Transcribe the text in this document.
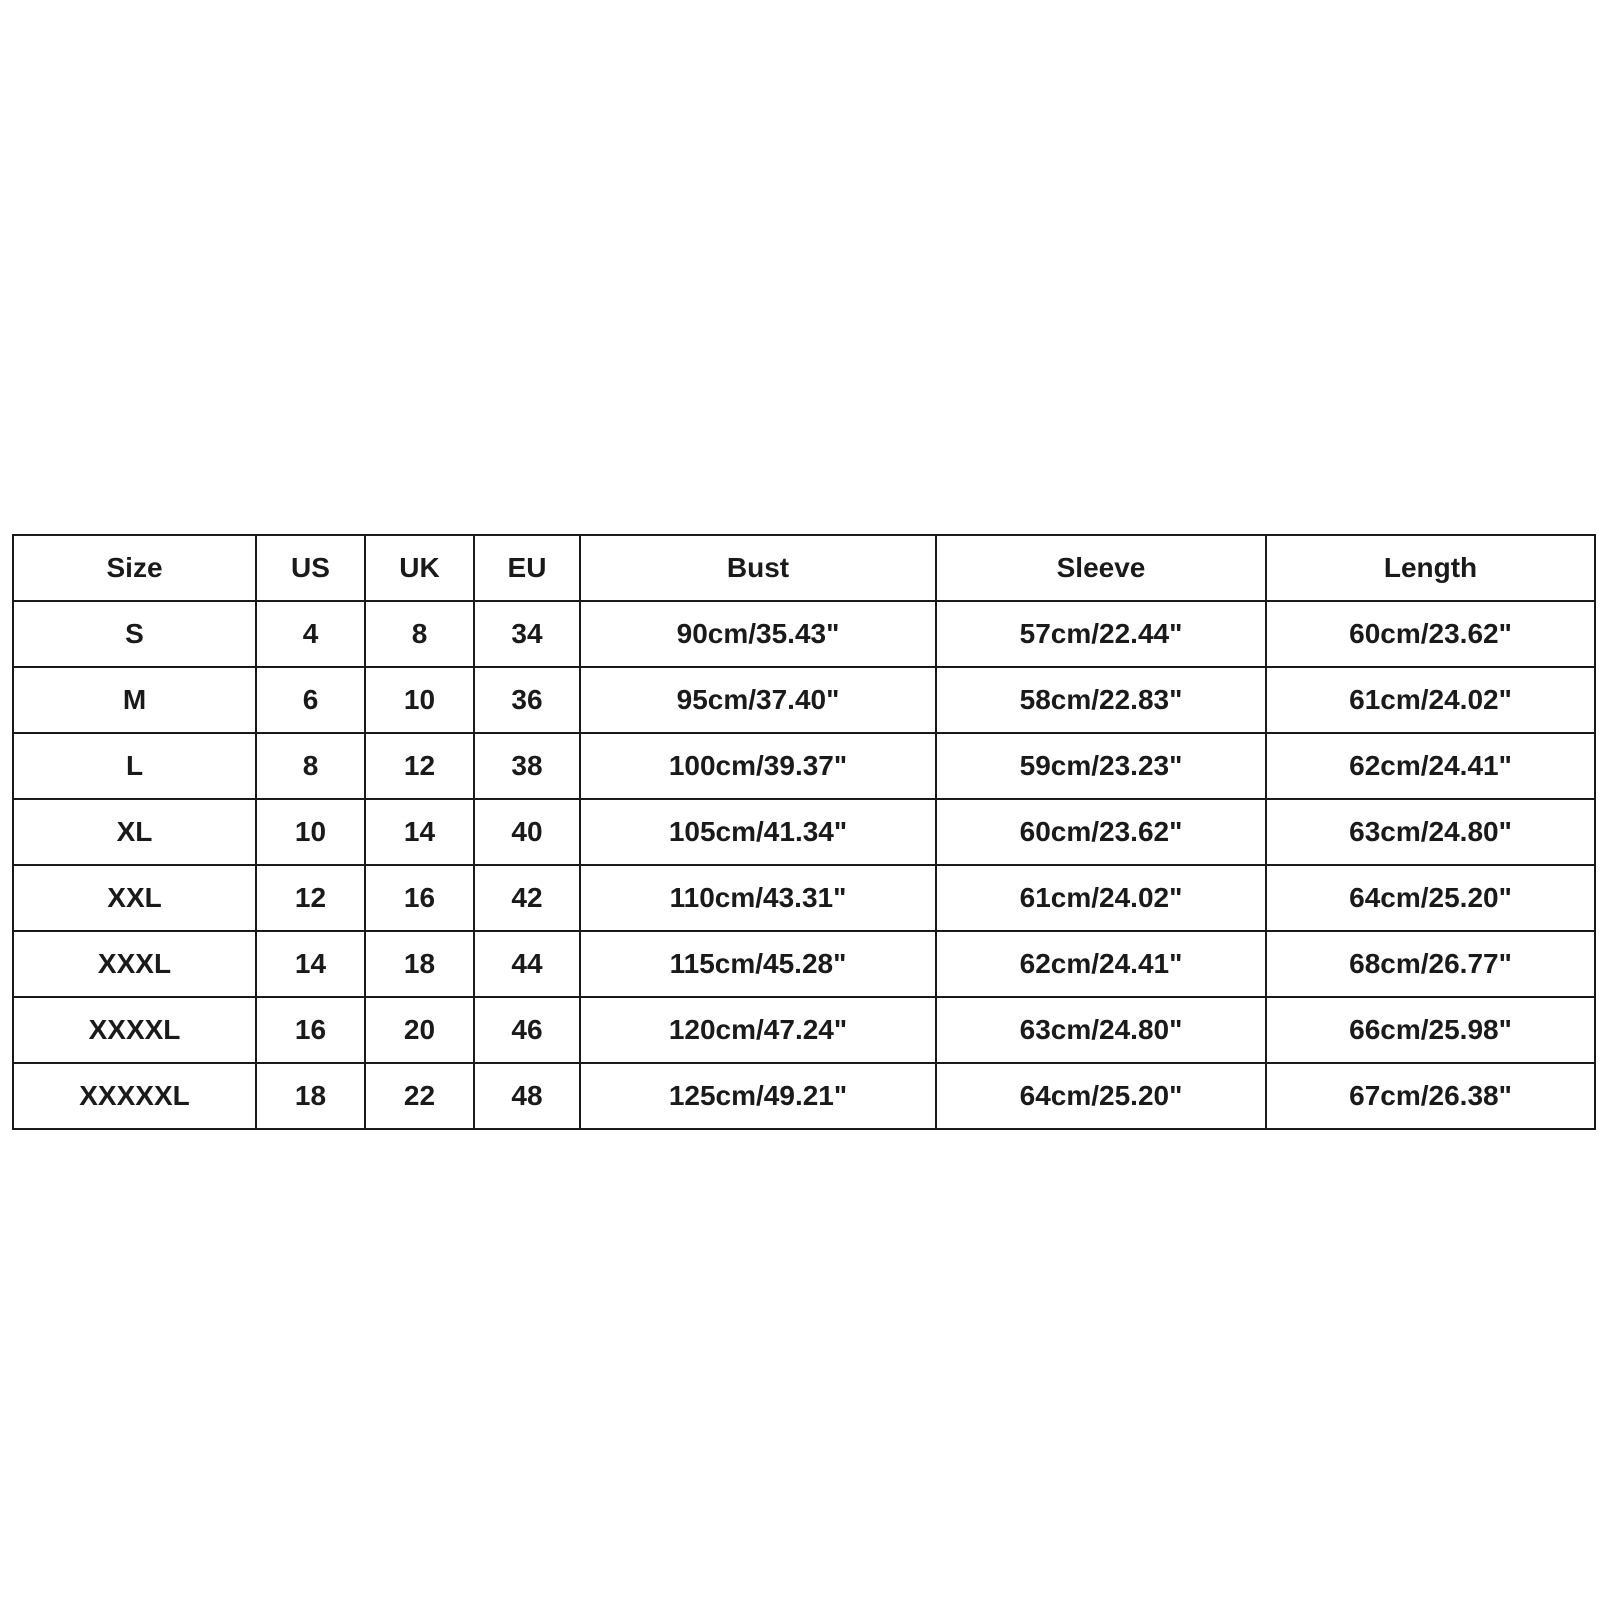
Size	US	UK	EU	Bust	Sleeve	Length
S	4	8	34	90cm/35.43"	57cm/22.44"	60cm/23.62"
M	6	10	36	95cm/37.40"	58cm/22.83"	61cm/24.02"
L	8	12	38	100cm/39.37"	59cm/23.23"	62cm/24.41"
XL	10	14	40	105cm/41.34"	60cm/23.62"	63cm/24.80"
XXL	12	16	42	110cm/43.31"	61cm/24.02"	64cm/25.20"
XXXL	14	18	44	115cm/45.28"	62cm/24.41"	68cm/26.77"
XXXXL	16	20	46	120cm/47.24"	63cm/24.80"	66cm/25.98"
XXXXXL	18	22	48	125cm/49.21"	64cm/25.20"	67cm/26.38"
